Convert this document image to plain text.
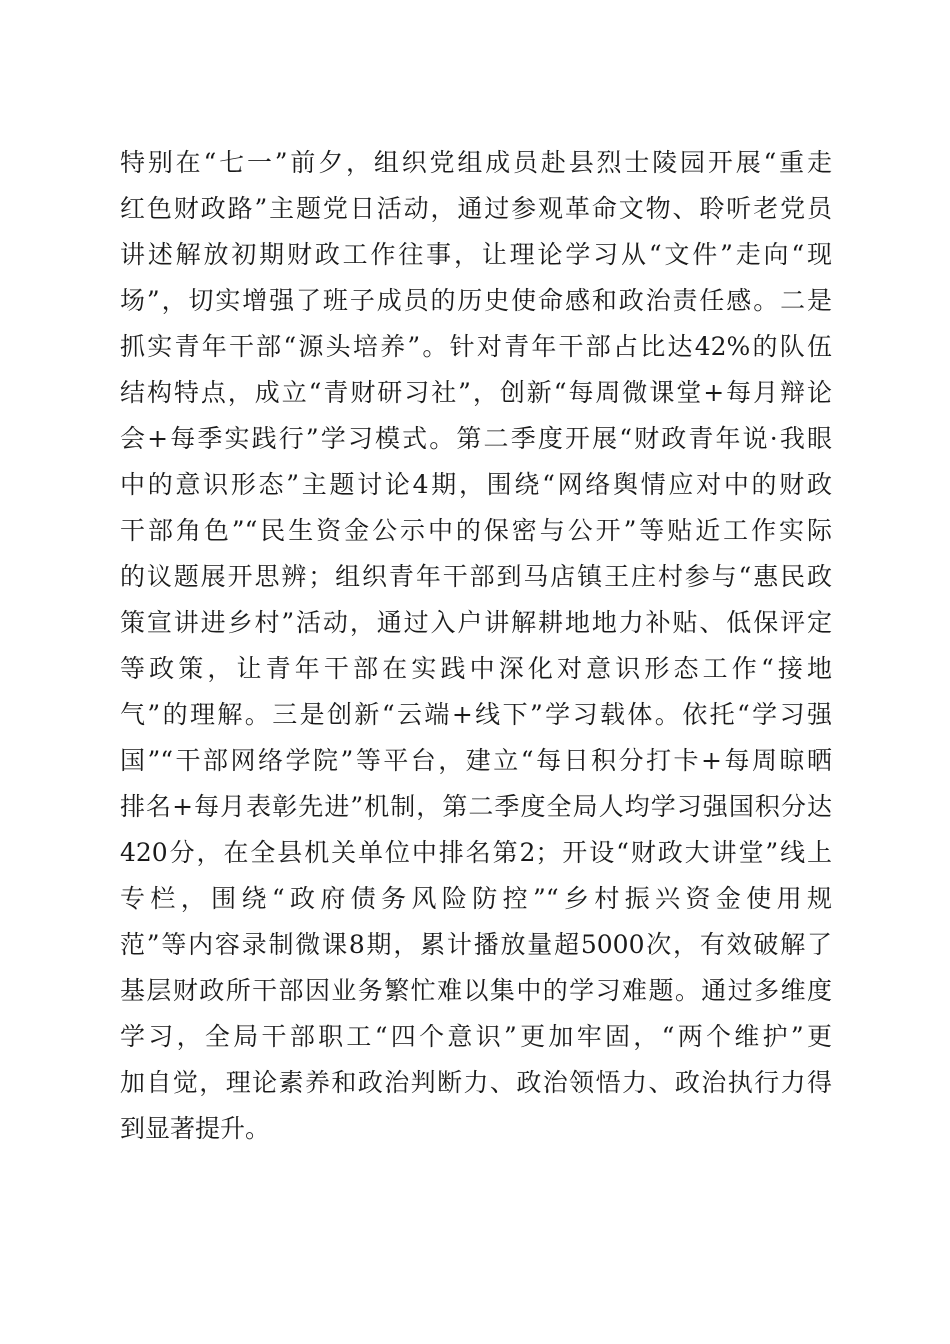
特别在“七一”前夕，组织党组成员赴县烈士陵园开展“重走
红色财政路”主题党日活动，通过参观革命文物、聆听老党员
讲述解放初期财政工作往事，让理论学习从“文件”走向“现
场”，切实增强了班子成员的历史使命感和政治责任感。二是
抓实青年干部“源头培养”。针对青年干部占比达42%的队伍
结构特点，成立“青财研习社”，创新“每周微课堂+每月辩论
会+每季实践行”学习模式。第二季度开展“财政青年说·我眼
中的意识形态”主题讨论4期，围绕“网络舆情应对中的财政
干部角色”“民生资金公示中的保密与公开”等贴近工作实际
的议题展开思辨；组织青年干部到马店镇王庄村参与“惠民政
策宣讲进乡村”活动，通过入户讲解耕地地力补贴、低保评定
等政策，让青年干部在实践中深化对意识形态工作“接地
气”的理解。三是创新“云端+线下”学习载体。依托“学习强
国”“干部网络学院”等平台，建立“每日积分打卡+每周晾晒
排名+每月表彰先进”机制，第二季度全局人均学习强国积分达
420分，在全县机关单位中排名第2；开设“财政大讲堂”线上
专栏，围绕“政府债务风险防控”“乡村振兴资金使用规
范”等内容录制微课8期，累计播放量超5000次，有效破解了
基层财政所干部因业务繁忙难以集中的学习难题。通过多维度
学习，全局干部职工“四个意识”更加牢固，“两个维护”更
加自觉，理论素养和政治判断力、政治领悟力、政治执行力得
到显著提升。
